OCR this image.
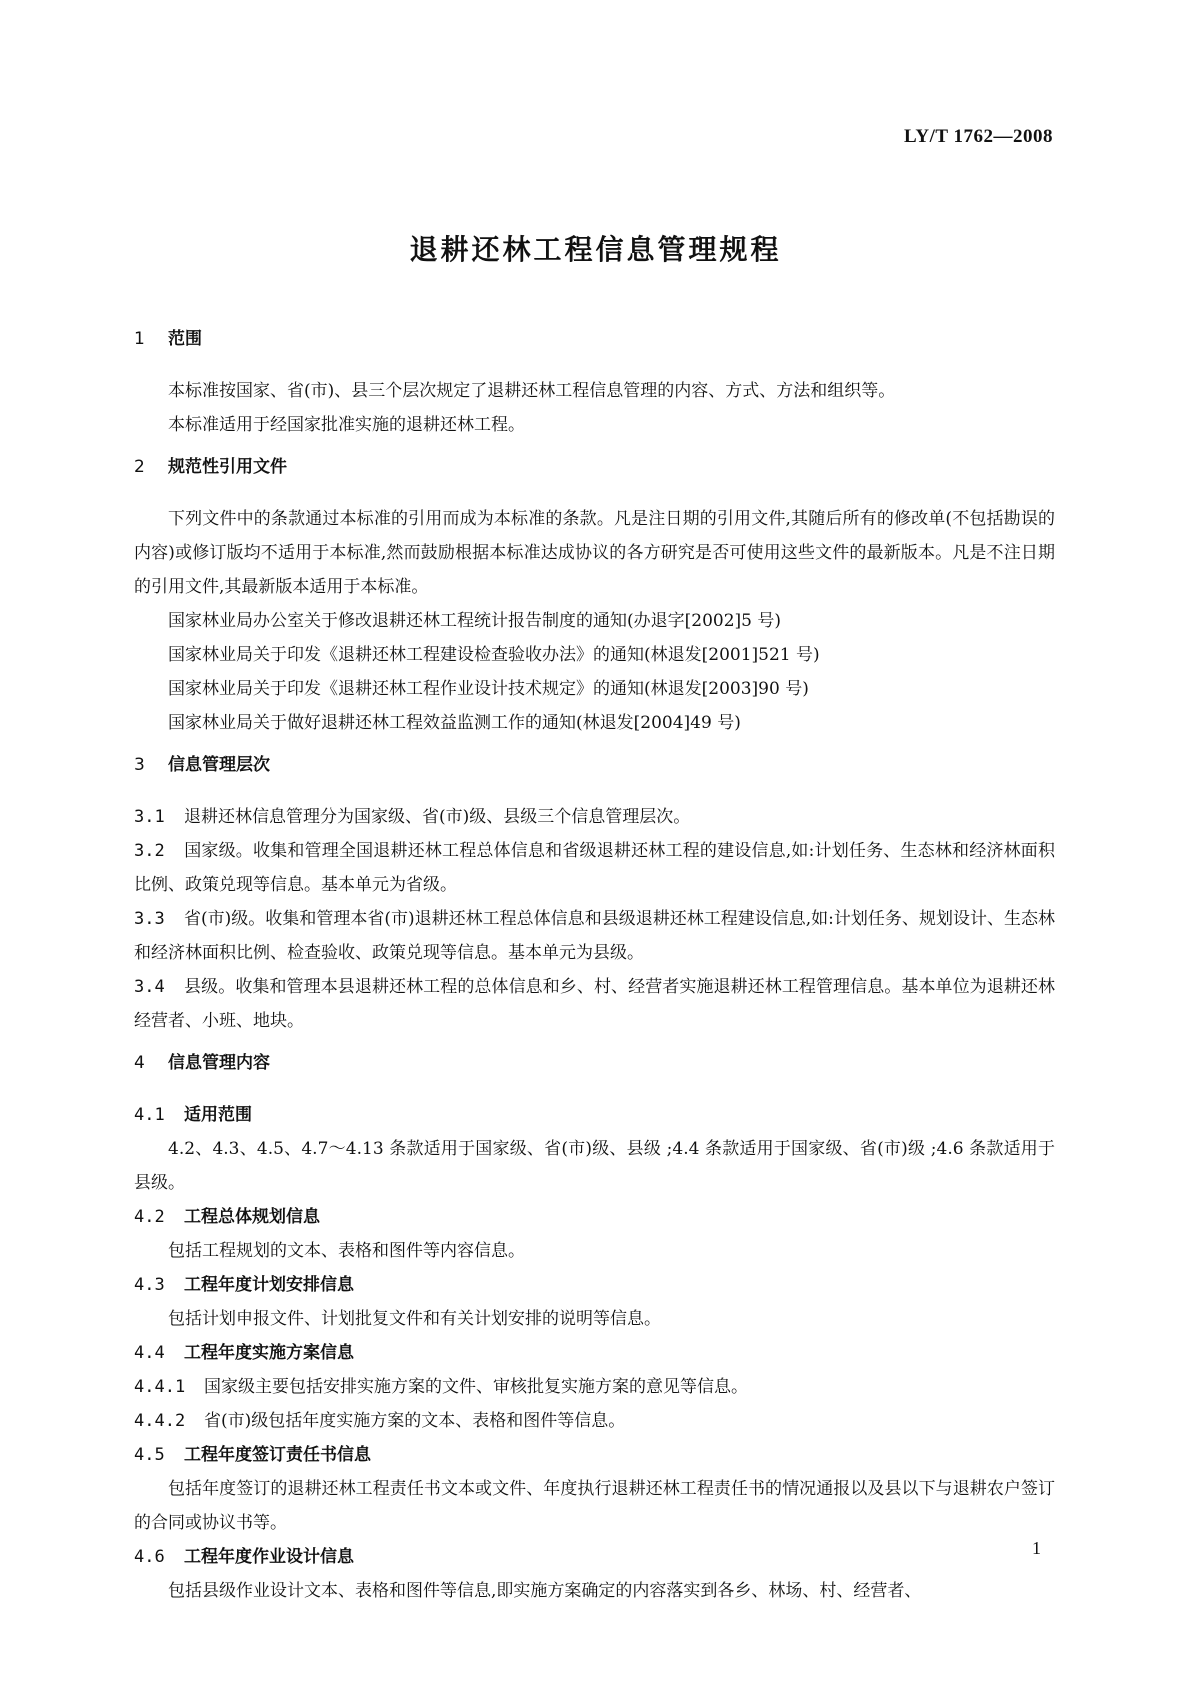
LY/T 1762—2008
退耕还林工程信息管理规程
1 范围
本标准按国家、省(市)、县三个层次规定了退耕还林工程信息管理的内容、方式、方法和组织等。
本标准适用于经国家批准实施的退耕还林工程。
2 规范性引用文件
下列文件中的条款通过本标准的引用而成为本标准的条款。凡是注日期的引用文件,其随后所有的修改单(不包括勘误的内容)或修订版均不适用于本标准,然而鼓励根据本标准达成协议的各方研究是否可使用这些文件的最新版本。凡是不注日期的引用文件,其最新版本适用于本标准。
国家林业局办公室关于修改退耕还林工程统计报告制度的通知(办退字[2002]5 号)
国家林业局关于印发《退耕还林工程建设检查验收办法》的通知(林退发[2001]521 号)
国家林业局关于印发《退耕还林工程作业设计技术规定》的通知(林退发[2003]90 号)
国家林业局关于做好退耕还林工程效益监测工作的通知(林退发[2004]49 号)
3 信息管理层次
3.1 退耕还林信息管理分为国家级、省(市)级、县级三个信息管理层次。
3.2 国家级。收集和管理全国退耕还林工程总体信息和省级退耕还林工程的建设信息,如:计划任务、生态林和经济林面积比例、政策兑现等信息。基本单元为省级。
3.3 省(市)级。收集和管理本省(市)退耕还林工程总体信息和县级退耕还林工程建设信息,如:计划任务、规划设计、生态林和经济林面积比例、检查验收、政策兑现等信息。基本单元为县级。
3.4 县级。收集和管理本县退耕还林工程的总体信息和乡、村、经营者实施退耕还林工程管理信息。基本单位为退耕还林经营者、小班、地块。
4 信息管理内容
4.1 适用范围
4.2、4.3、4.5、4.7～4.13 条款适用于国家级、省(市)级、县级 ;4.4 条款适用于国家级、省(市)级 ;4.6 条款适用于县级。
4.2 工程总体规划信息
包括工程规划的文本、表格和图件等内容信息。
4.3 工程年度计划安排信息
包括计划申报文件、计划批复文件和有关计划安排的说明等信息。
4.4 工程年度实施方案信息
4.4.1 国家级主要包括安排实施方案的文件、审核批复实施方案的意见等信息。
4.4.2 省(市)级包括年度实施方案的文本、表格和图件等信息。
4.5 工程年度签订责任书信息
包括年度签订的退耕还林工程责任书文本或文件、年度执行退耕还林工程责任书的情况通报以及县以下与退耕农户签订的合同或协议书等。
4.6 工程年度作业设计信息
包括县级作业设计文本、表格和图件等信息,即实施方案确定的内容落实到各乡、林场、村、经营者、
1
